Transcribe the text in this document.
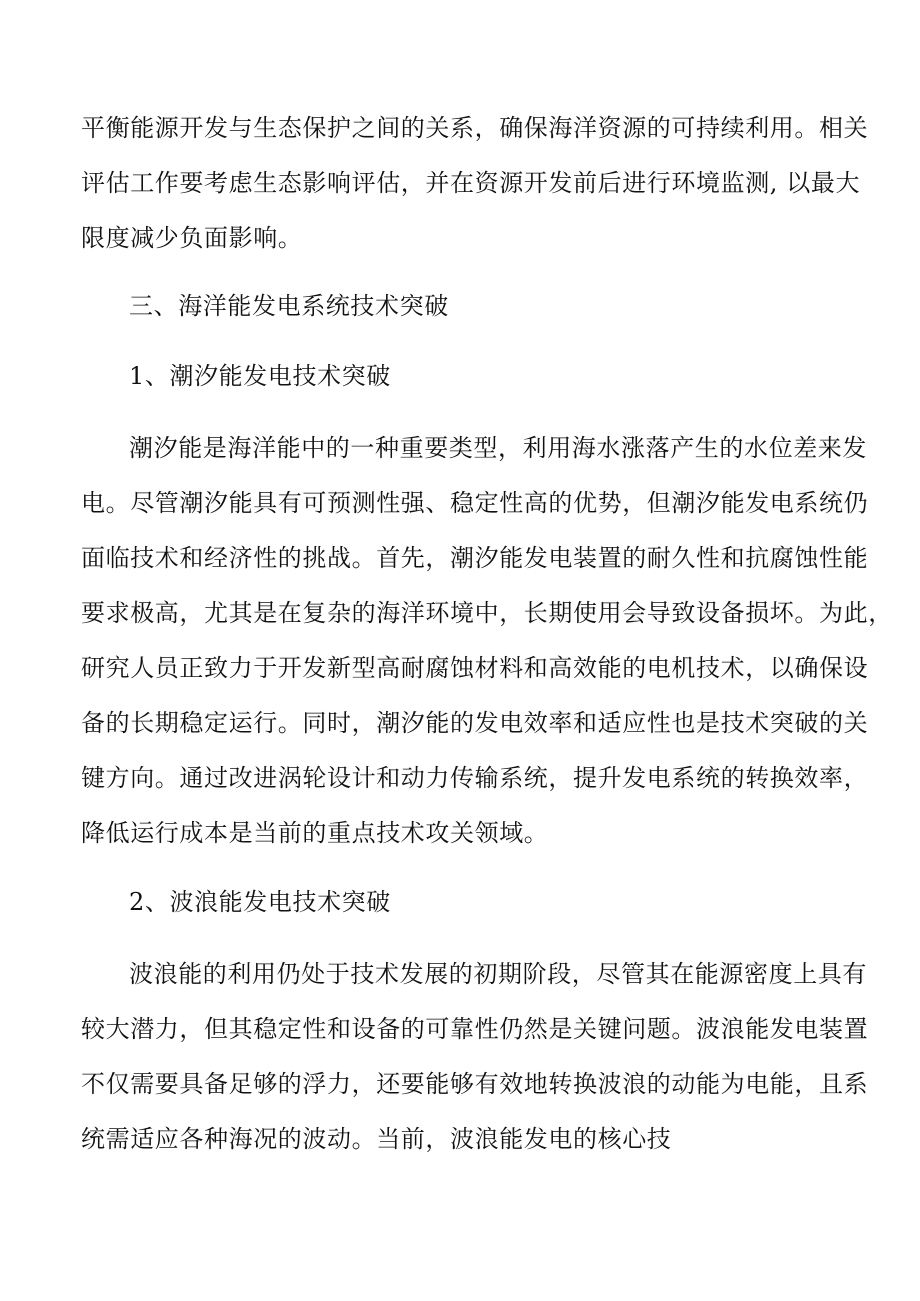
平衡能源开发与生态保护之间的关系，确保海洋资源的可持续利用。相关

评估工作要考虑生态影响评估，并在资源开发前后进行环境监测, 以最大

限度减少负面影响。

三、海洋能发电系统技术突破

1、潮汐能发电技术突破

潮汐能是海洋能中的一种重要类型，利用海水涨落产生的水位差来发

电。尽管潮汐能具有可预测性强、稳定性高的优势，但潮汐能发电系统仍

面临技术和经济性的挑战。首先，潮汐能发电装置的耐久性和抗腐蚀性能

要求极高，尤其是在复杂的海洋环境中，长期使用会导致设备损坏。为此，

研究人员正致力于开发新型高耐腐蚀材料和高效能的电机技术，以确保设

备的长期稳定运行。同时，潮汐能的发电效率和适应性也是技术突破的关

键方向。通过改进涡轮设计和动力传输系统，提升发电系统的转换效率，

降低运行成本是当前的重点技术攻关领域。

2、波浪能发电技术突破

波浪能的利用仍处于技术发展的初期阶段，尽管其在能源密度上具有

较大潜力，但其稳定性和设备的可靠性仍然是关键问题。波浪能发电装置

不仅需要具备足够的浮力，还要能够有效地转换波浪的动能为电能，且系

统需适应各种海况的波动。当前，波浪能发电的核心技
